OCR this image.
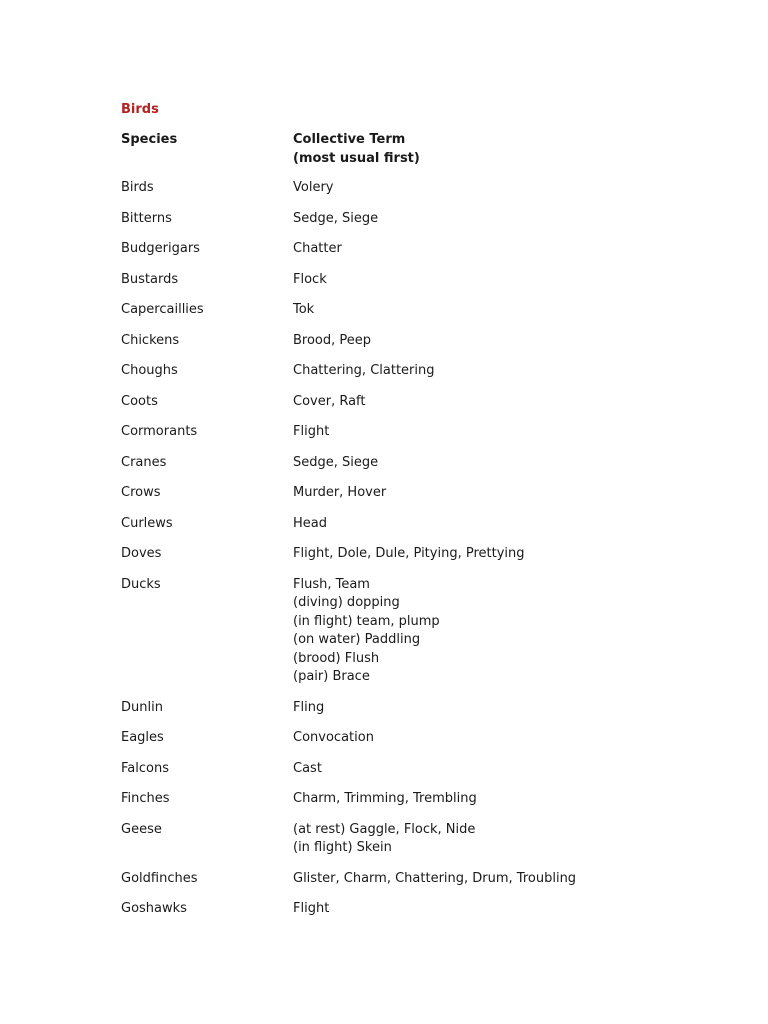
Birds
Species	Collective Term
(most usual first)
Birds	Volery
Bitterns	Sedge, Siege
Budgerigars	Chatter
Bustards	Flock
Capercaillies	Tok
Chickens	Brood, Peep
Choughs	Chattering, Clattering
Coots	Cover, Raft
Cormorants	Flight
Cranes	Sedge, Siege
Crows	Murder, Hover
Curlews	Head
Doves	Flight, Dole, Dule, Pitying, Prettying
Ducks	Flush, Team
(diving) dopping
(in flight) team, plump
(on water) Paddling
(brood) Flush
(pair) Brace
Dunlin	Fling
Eagles	Convocation
Falcons	Cast
Finches	Charm, Trimming, Trembling
Geese	(at rest) Gaggle, Flock, Nide
(in flight) Skein
Goldfinches	Glister, Charm, Chattering, Drum, Troubling
Goshawks	Flight
